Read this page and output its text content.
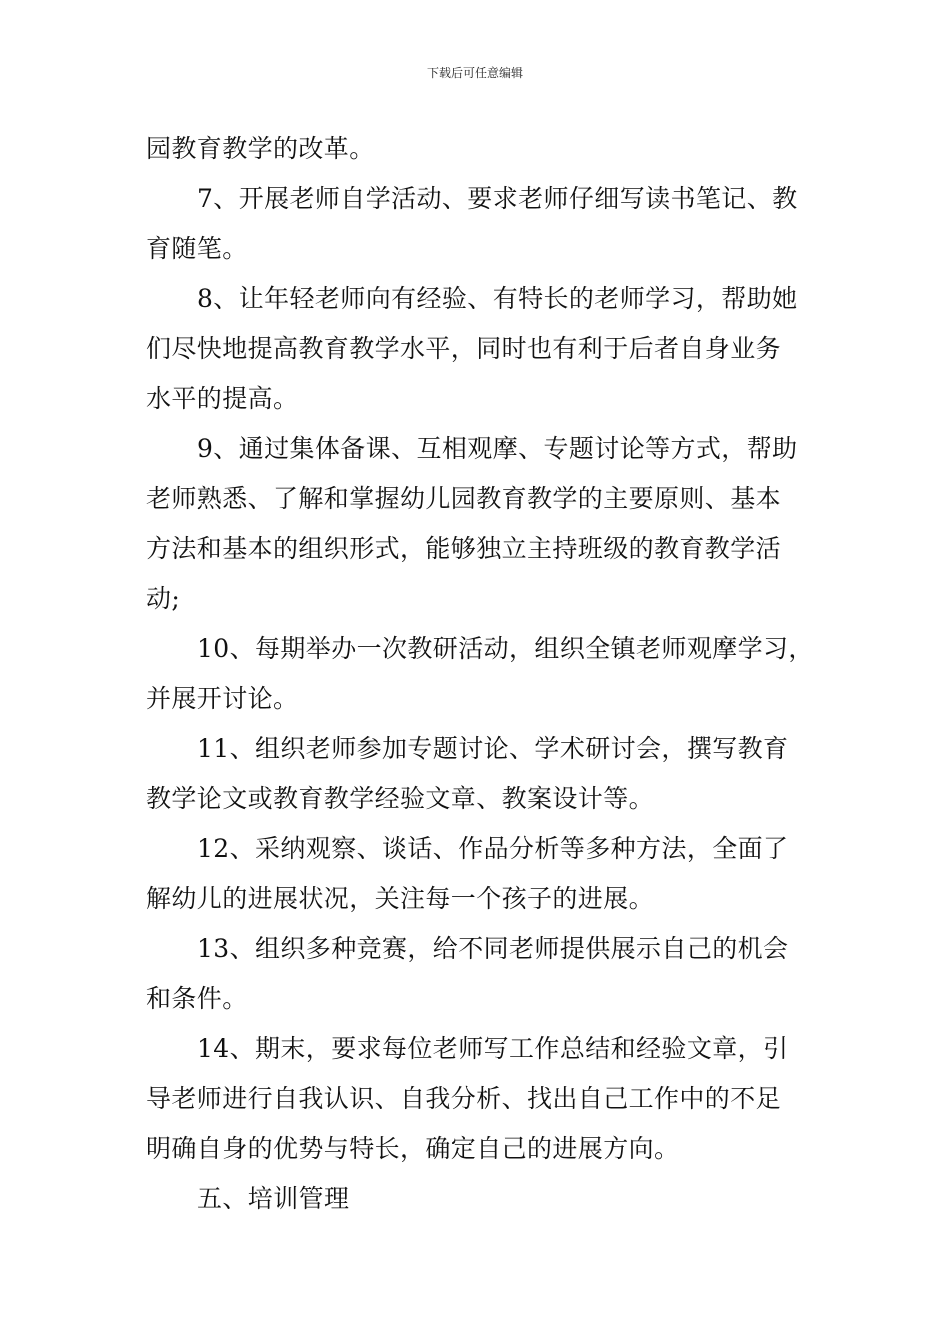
下载后可任意编辑

园教育教学的改革。

7、开展老师自学活动、要求老师仔细写读书笔记、教
育随笔。

8、让年轻老师向有经验、有特长的老师学习，帮助她
们尽快地提高教育教学水平，同时也有利于后者自身业务
水平的提高。

9、通过集体备课、互相观摩、专题讨论等方式，帮助
老师熟悉、了解和掌握幼儿园教育教学的主要原则、基本
方法和基本的组织形式，能够独立主持班级的教育教学活
动;

10、每期举办一次教研活动，组织全镇老师观摩学习，
并展开讨论。

11、组织老师参加专题讨论、学术研讨会，撰写教育
教学论文或教育教学经验文章、教案设计等。

12、采纳观察、谈话、作品分析等多种方法，全面了
解幼儿的进展状况，关注每一个孩子的进展。

13、组织多种竞赛，给不同老师提供展示自己的机会
和条件。

14、期末，要求每位老师写工作总结和经验文章，引
导老师进行自我认识、自我分析、找出自己工作中的不足
明确自身的优势与特长，确定自己的进展方向。

五、培训管理
